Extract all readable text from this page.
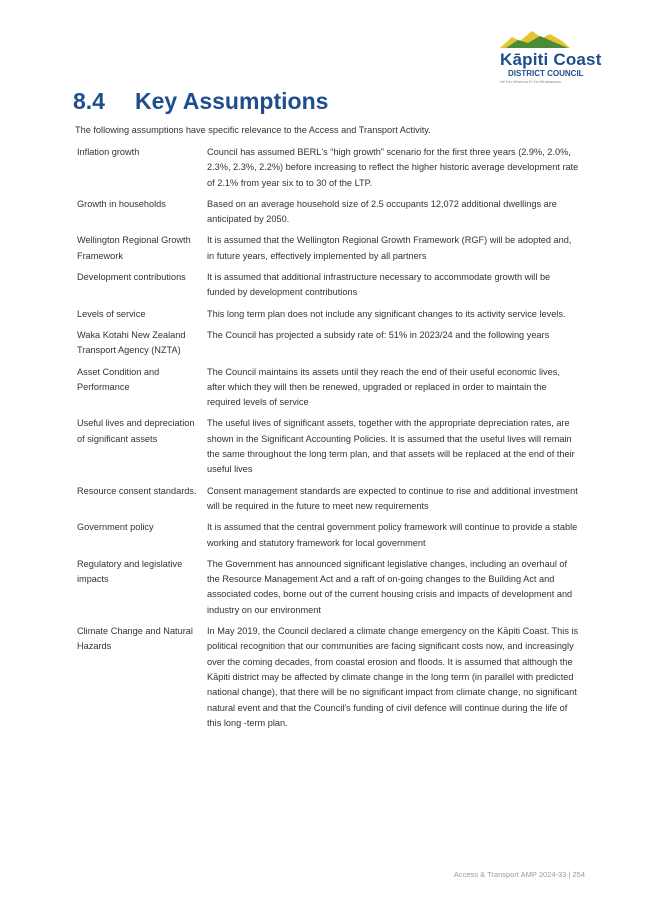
Kāpiti Coast
DISTRICT COUNCIL
He Ihu Whenua Ki Tai Whakamaru
8.4 Key Assumptions

The following assumptions have specific relevance to the Access and Transport Activity.

Inflation growth	Council has assumed BERL's “high growth” scenario for the first three years (2.9%, 2.0%, 2.3%, 2.3%, 2.2%) before increasing to reflect the higher historic average development rate of 2.1% from year six to to 30 of the LTP.
Growth in households	Based on an average household size of 2.5 occupants 12,072 additional dwellings are anticipated by 2050.
Wellington Regional Growth Framework	It is assumed that the Wellington Regional Growth Framework (RGF) will be adopted and, in future years, effectively implemented by all partners
Development contributions	It is assumed that additional infrastructure necessary to accommodate growth will be funded by development contributions
Levels of service	This long term plan does not include any significant changes to its activity service levels.
Waka Kotahi New Zealand Transport Agency (NZTA)	The Council has projected a subsidy rate of: 51% in 2023/24 and the following years
Asset Condition and Performance	The Council maintains its assets until they reach the end of their useful economic lives, after which they will then be renewed, upgraded or replaced in order to maintain the required levels of service
Useful lives and depreciation of significant assets	The useful lives of significant assets, together with the appropriate depreciation rates, are shown in the Significant Accounting Policies. It is assumed that the useful lives will remain the same throughout the long term plan, and that assets will be replaced at the end of their useful lives
Resource consent standards.	Consent management standards are expected to continue to rise and additional investment will be required in the future to meet new requirements
Government policy	It is assumed that the central government policy framework will continue to provide a stable working and statutory framework for local government
Regulatory and legislative impacts	The Government has announced significant legislative changes, including an overhaul of the Resource Management Act and a raft of on-going changes to the Building Act and associated codes, borne out of the current housing crisis and impacts of development and industry on our environment
Climate Change and Natural Hazards	In May 2019, the Council declared a climate change emergency on the Kāpiti Coast. This is political recognition that our communities are facing significant costs now, and increasingly over the coming decades, from coastal erosion and floods. It is assumed that although the Kāpiti district may be affected by climate change in the long term (in parallel with predicted national change), that there will be no significant impact from climate change, no significant natural event and that the Council's funding of civil defence will continue during the life of this long -term plan.
Access & Transport AMP 2024-33 | 254
